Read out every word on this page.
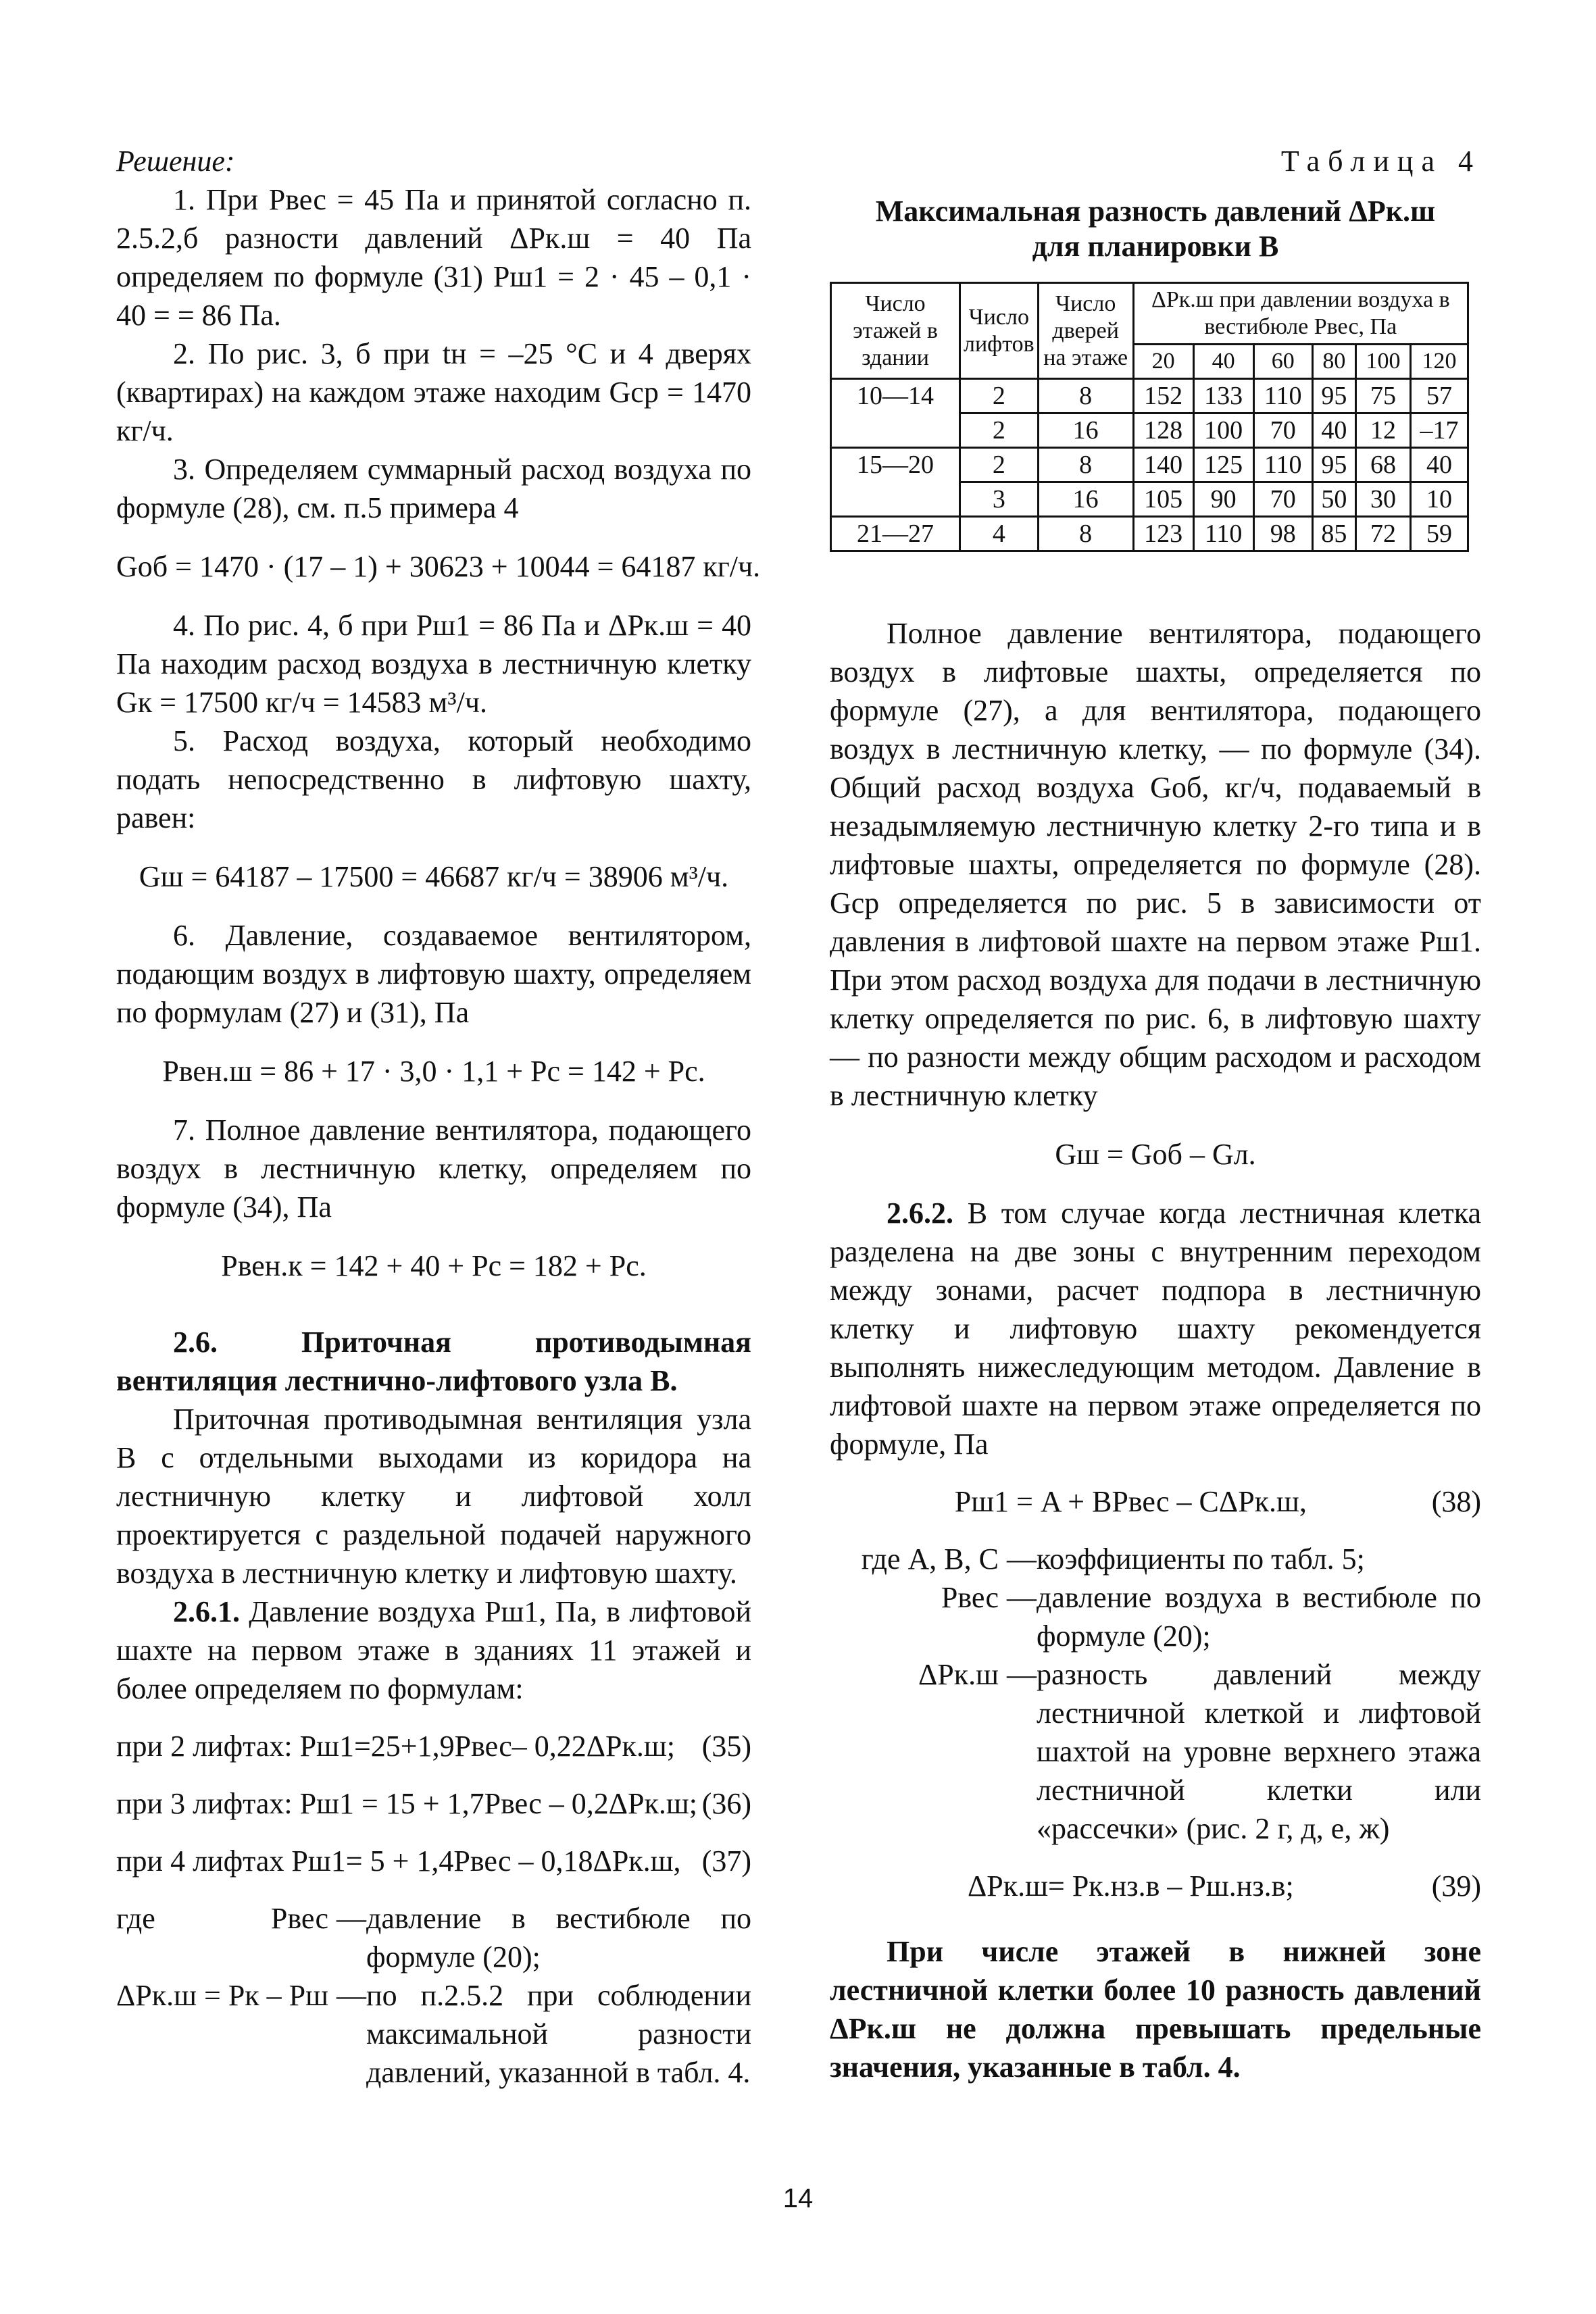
Решение:

1. При Pвес = 45 Па и принятой согласно п. 2.5.2,б разности давлений ΔPк.ш = 40 Па определяем по формуле (31) Pш1 = 2 · 45 – 0,1 · 40 = = 86 Па.

2. По рис. 3, б при tн = –25 °С и 4 дверях (квартирах) на каждом этаже находим Gср = 1470 кг/ч.

3. Определяем суммарный расход воздуха по формуле (28), см. п.5 примера 4

Gоб = 1470 · (17 – 1) + 30623 + 10044 = 64187 кг/ч.

4. По рис. 4, б при Pш1 = 86 Па и ΔPк.ш = 40 Па находим расход воздуха в лестничную клетку Gк = 17500 кг/ч = 14583 м³/ч.

5. Расход воздуха, который необходимо подать непосредственно в лифтовую шахту, равен:

Gш = 64187 – 17500 = 46687 кг/ч = 38906 м³/ч.

6. Давление, создаваемое вентилятором, подающим воздух в лифтовую шахту, определяем по формулам (27) и (31), Па

Pвен.ш = 86 + 17 · 3,0 · 1,1 + Pс = 142 + Pс.

7. Полное давление вентилятора, подающего воздух в лестничную клетку, определяем по формуле (34), Па

Pвен.к = 142 + 40 + Pс = 182 + Pс.

2.6. Приточная противодымная вентиляция лестнично-лифтового узла В.

Приточная противодымная вентиляция узла В с отдельными выходами из коридора на лестничную клетку и лифтовой холл проектируется с раздельной подачей наружного воздуха в лестничную клетку и лифтовую шахту.

2.6.1. Давление воздуха Pш1, Па, в лифтовой шахте на первом этаже в зданиях 11 этажей и более определяем по формулам:

при 2 лифтах: Pш1=25+1,9Pвес– 0,22ΔPк.ш; (35)
при 3 лифтах: Pш1 = 15 + 1,7Pвес – 0,2ΔPк.ш; (36)
при 4 лифтах Pш1= 5 + 1,4Pвес – 0,18ΔPк.ш, (37)
где	Pвес	—	давление в вестибюле по формуле (20);
ΔPк.ш = Pк – Pш		—	по п.2.5.2 при соблюдении максимальной разности давлений, указанной в табл. 4.
Таблица 4
Максимальная разность давлений ΔPк.ш
для планировки В
Число этажей в здании	Число лифтов	Число дверей на этаже	ΔPк.ш при давлении воздуха в вестибюле Pвес, Па					
			20	40	60	80	100	120
10—14	2	8	152	133	110	95	75	57
	2	16	128	100	70	40	12	–17
15—20	2	8	140	125	110	95	68	40
	3	16	105	90	70	50	30	10
21—27	4	8	123	110	98	85	72	59

Полное давление вентилятора, подающего воздух в лифтовые шахты, определяется по формуле (27), а для вентилятора, подающего воздух в лестничную клетку, — по формуле (34). Общий расход воздуха Gоб, кг/ч, подаваемый в незадымляемую лестничную клетку 2-го типа и в лифтовые шахты, определяется по формуле (28). Gср определяется по рис. 5 в зависимости от давления в лифтовой шахте на первом этаже Pш1. При этом расход воздуха для подачи в лестничную клетку определяется по рис. 6, в лифтовую шахту — по разности между общим расходом и расходом в лестничную клетку

Gш = Gоб – Gл.

2.6.2. В том случае когда лестничная клетка разделена на две зоны с внутренним переходом между зонами, расчет подпора в лестничную клетку и лифтовую шахту рекомендуется выполнять нижеследующим методом. Давление в лифтовой шахте на первом этаже определяется по формуле, Па

Pш1 = A + BPвес – CΔPк.ш,	(38)
где A, B, C	—	коэффициенты по табл. 5;
Pвес	—	давление воздуха в вестибюле по формуле (20);
ΔPк.ш	—	разность давлений между лестничной клеткой и лифтовой шахтой на уровне верхнего этажа лестничной клетки или «рассечки» (рис. 2 г, д, е, ж)
ΔPк.ш= Pк.нз.в – Pш.нз.в;	(39)

При числе этажей в нижней зоне лестничной клетки более 10 разность давлений ΔPк.ш не должна превышать предельные значения, указанные в табл. 4.

14
